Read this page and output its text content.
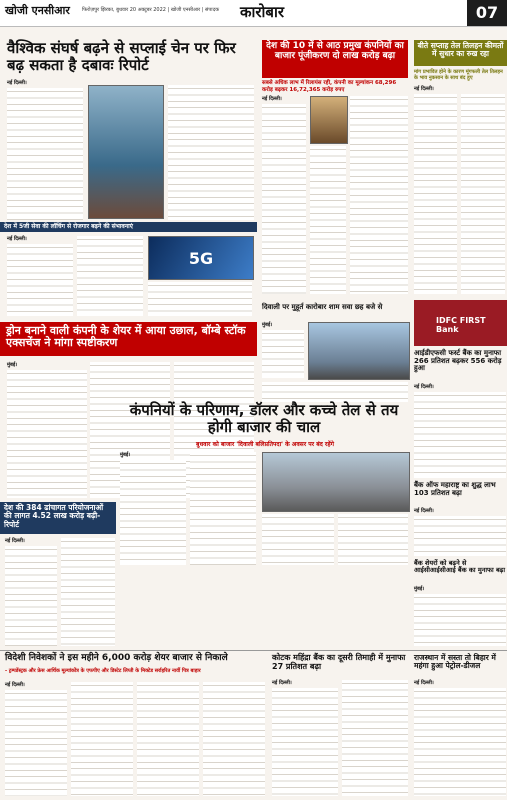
खोजी एनसीआर फिरोज़पुर झिरका, बुधवार 20 अक्टूबर 2022 | खोजी एनसीआर | संपादक	कारोबार	07
वैश्विक संघर्ष बढ़ने से सप्लाई चेन पर फिर बढ़ सकता है दबावः रिपोर्ट
नई दिल्ली।
देश में 5जी सेवा की लॉचिंग से रोजगार बढ़ने की संभावनाएं
नई दिल्ली।
5G
देश की 10 में से आठ प्रमुख कंपनियों का बाजार पूंजीकरण दो लाख करोड़ बढ़ा
सबसे अधिक लाभ में रिलायंस रही, कंपनी का मूल्यांकन 68,296 करोड़ बढ़कर 16,72,365 करोड़ रुपए
नई दिल्ली।
बीते सप्ताह तेल तिलहन कीमतों में सुधार का रुख रहा
मांग प्रभावित होने के कारण मूंगफली तेल तिलहन के भाव नुकसान के साथ बंद हुए
नई दिल्ली।
ड्रोन बनाने वाली कंपनी के शेयर में आया उछाल, बॉम्बे स्टॉक एक्सचेंज ने मांगा स्पष्टीकरण
मुंबई।
दिवाली पर मुहूर्त कारोबार शाम सवा छह बजे से
मुंबई।	IDFC FIRST Bank
आईडीएफसी फर्स्ट बैंक का मुनाफा 266 प्रतिशत बढ़कर 556 करोड़ हुआ
नई दिल्ली।
कंपनियों के परिणाम, डॉलर और कच्चे तेल से तय होगी बाजार की चाल
बुधवार को बाजार 'दिवाली बलिप्रतिपदा' के अवसर पर बंद रहेंगे
मुंबई।
देश की 384 ढांचागत परियोजनाओं की लागत 4.52 लाख करोड़ बढ़ी- रिपोर्ट
नई दिल्ली।
बैंक ऑफ महाराष्ट्र का शुद्ध लाभ 103 प्रतिशत बढ़ा
नई दिल्ली।
बैंक शेयरों को बढ़ने से आईसीआईसीआई बैंक का मुनाफा बढ़ा
मुंबई।
विदेशी निवेशकों ने इस महीने 6,000 करोड़ शेयर बाजार से निकाले
- ट्रम्पडेंस्ट्रक और फ्रेस आर्थिक मूल्यांकोंत्र के एफपीए और डिस्टेट लिप्ती के मिक्टेड सर्राहरित नार्वी पित्र बाहार
नई दिल्ली।
कोटक महिंद्रा बैंक का दूसरी तिमाही में मुनाफा 27 प्रतिशत बढ़ा
नई दिल्ली।
राजस्थान में सस्ता तो बिहार में महंगा हुआ पेट्रोल-डीजल
नई दिल्ली।
